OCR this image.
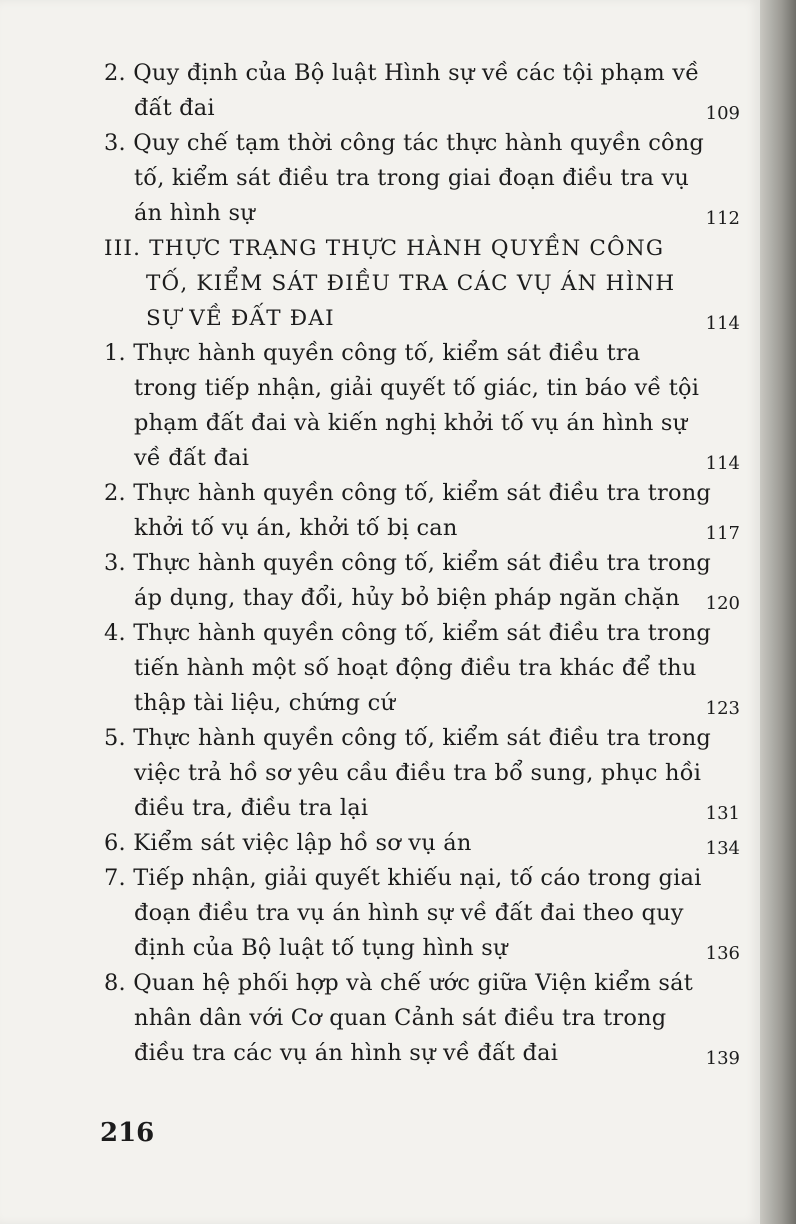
2. Quy định của Bộ luật Hình sự về các tội phạm về
đất đai	109
3. Quy chế tạm thời công tác thực hành quyền công
tố, kiểm sát điều tra trong giai đoạn điều tra vụ
án hình sự	112
III. THỰC TRẠNG THỰC HÀNH QUYỀN CÔNG
TỐ, KIỂM SÁT ĐIỀU TRA CÁC VỤ ÁN HÌNH
SỰ VỀ ĐẤT ĐAI	114
1. Thực hành quyền công tố, kiểm sát điều tra
trong tiếp nhận, giải quyết tố giác, tin báo về tội
phạm đất đai và kiến nghị khởi tố vụ án hình sự
về đất đai	114
2. Thực hành quyền công tố, kiểm sát điều tra trong
khởi tố vụ án, khởi tố bị can	117
3. Thực hành quyền công tố, kiểm sát điều tra trong
áp dụng, thay đổi, hủy bỏ biện pháp ngăn chặn	120
4. Thực hành quyền công tố, kiểm sát điều tra trong
tiến hành một số hoạt động điều tra khác để thu
thập tài liệu, chứng cứ	123
5. Thực hành quyền công tố, kiểm sát điều tra trong
việc trả hồ sơ yêu cầu điều tra bổ sung, phục hồi
điều tra, điều tra lại	131
6. Kiểm sát việc lập hồ sơ vụ án	134
7. Tiếp nhận, giải quyết khiếu nại, tố cáo trong giai
đoạn điều tra vụ án hình sự về đất đai theo quy
định của Bộ luật tố tụng hình sự	136
8. Quan hệ phối hợp và chế ước giữa Viện kiểm sát
nhân dân với Cơ quan Cảnh sát điều tra trong
điều tra các vụ án hình sự về đất đai	139
216
